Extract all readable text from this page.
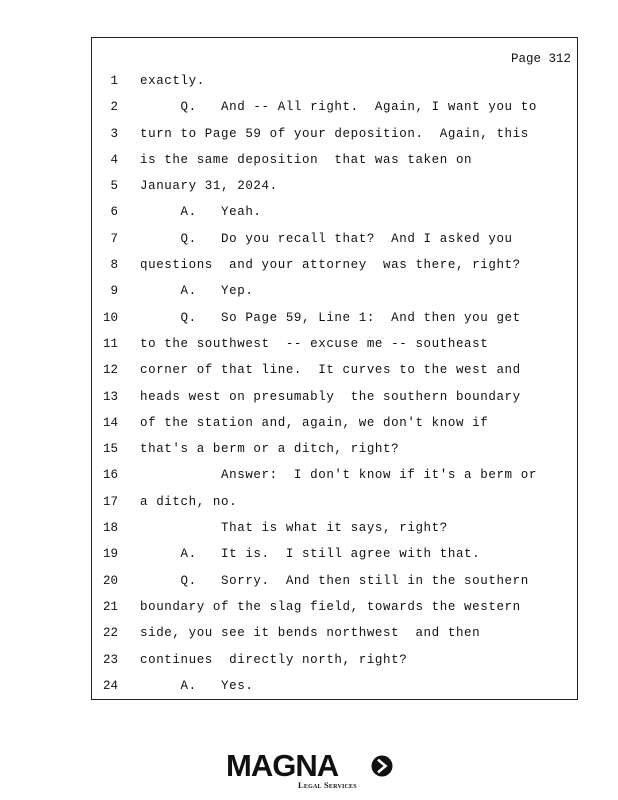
Page 312
1 exactly.
2 Q.   And -- All right.  Again, I want you to
3 turn to Page 59 of your deposition.  Again, this
4 is the same deposition  that was taken on
5 January 31, 2024.
6 A.   Yeah.
7 Q.   Do you recall that?  And I asked you
8 questions  and your attorney  was there, right?
9 A.   Yep.
10 Q.   So Page 59, Line 1:  And then you get
11 to the southwest  -- excuse me -- southeast
12 corner of that line.  It curves to the west and
13 heads west on presumably  the southern boundary
14 of the station and, again, we don't know if
15 that's a berm or a ditch, right?
16 Answer:  I don't know if it's a berm or
17 a ditch, no.
18 That is what it says, right?
19 A.   It is.  I still agree with that.
20 Q.   Sorry.  And then still in the southern
21 boundary of the slag field, towards the western
22 side, you see it bends northwest  and then
23 continues  directly north, right?
24 A.   Yes.
MAGNA
Legal Services
